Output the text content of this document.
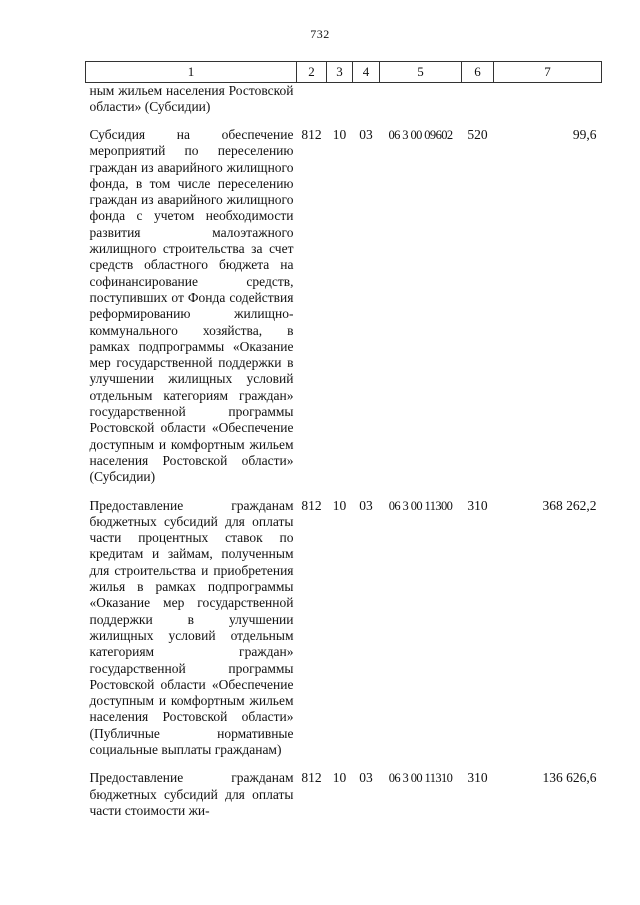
732
1	2	3	4	5	6	7
ным жильем населения Ростовской области» (Субсидии)						

Субсидия на обеспечение мероприятий по переселению граждан из аварийного жилищного фонда, в том числе переселению граждан из аварийного жилищного фонда с учетом необходимости развития малоэтажного жилищного строительства за счет средств областного бюджета на софинансирование средств, поступивших от Фонда содействия реформированию жилищно-коммунального хозяйства, в рамках подпрограммы «Оказание мер государственной поддержки в улучшении жилищных условий отдельным категориям граждан» государственной программы Ростовской области «Обеспечение доступным и комфортным жильем населения Ростовской области» (Субсидии)	812	10	03	06 3 00 09602	520	99,6

Предоставление гражданам бюджетных субсидий для оплаты части процентных ставок по кредитам и займам, полученным для строительства и приобретения жилья в рамках подпрограммы «Оказание мер государственной поддержки в улучшении жилищных условий отдельным категориям граждан» государственной программы Ростовской области «Обеспечение доступным и комфортным жильем населения Ростовской области» (Публичные нормативные социальные выплаты гражданам)	812	10	03	06 3 00 11300	310	368 262,2

Предоставление гражданам бюджетных субсидий для оплаты части стоимости жи-	812	10	03	06 3 00 11310	310	136 626,6
